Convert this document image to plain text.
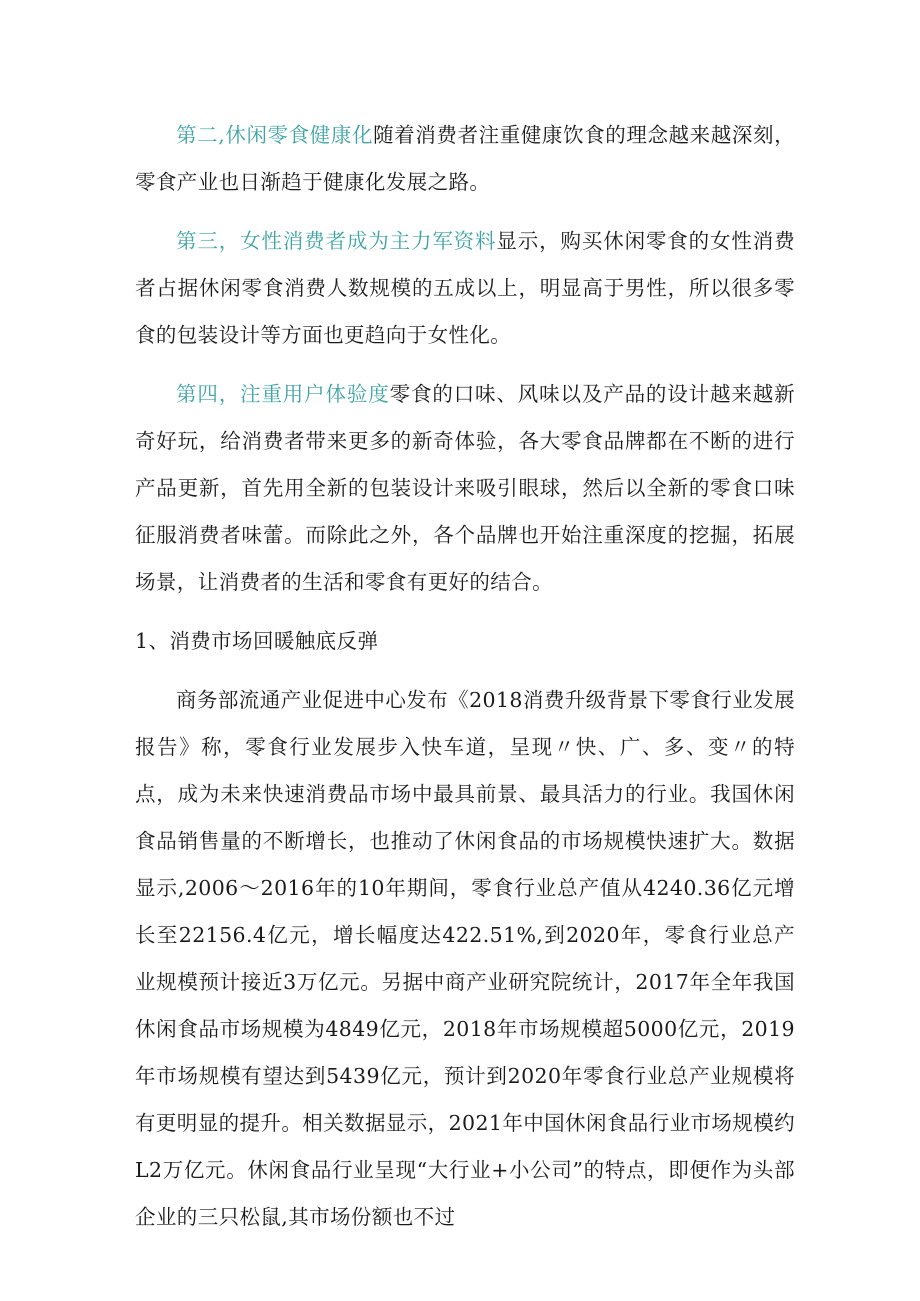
第二,休闲零食健康化随着消费者注重健康饮食的理念越来越深刻，零食产业也日渐趋于健康化发展之路。

第三，女性消费者成为主力军资料显示，购买休闲零食的女性消费者占据休闲零食消费人数规模的五成以上，明显高于男性，所以很多零食的包装设计等方面也更趋向于女性化。

第四，注重用户体验度零食的口味、风味以及产品的设计越来越新奇好玩，给消费者带来更多的新奇体验，各大零食品牌都在不断的进行产品更新，首先用全新的包装设计来吸引眼球，然后以全新的零食口味征服消费者味蕾。而除此之外，各个品牌也开始注重深度的挖掘，拓展场景，让消费者的生活和零食有更好的结合。

1、消费市场回暖触底反弹

商务部流通产业促进中心发布《2018消费升级背景下零食行业发展报告》称，零食行业发展步入快车道，呈现〃快、广、多、变〃的特点，成为未来快速消费品市场中最具前景、最具活力的行业。我国休闲食品销售量的不断增长，也推动了休闲食品的市场规模快速扩大。数据显示,2006～2016年的10年期间，零食行业总产值从4240.36亿元增长至22156.4亿元，增长幅度达422.51%,到2020年，零食行业总产业规模预计接近3万亿元。另据中商产业研究院统计，2017年全年我国休闲食品市场规模为4849亿元，2018年市场规模超5000亿元，2019年市场规模有望达到5439亿元，预计到2020年零食行业总产业规模将有更明显的提升。相关数据显示，2021年中国休闲食品行业市场规模约L2万亿元。休闲食品行业呈现“大行业+小公司”的特点，即便作为头部企业的三只松鼠,其市场份额也不过
